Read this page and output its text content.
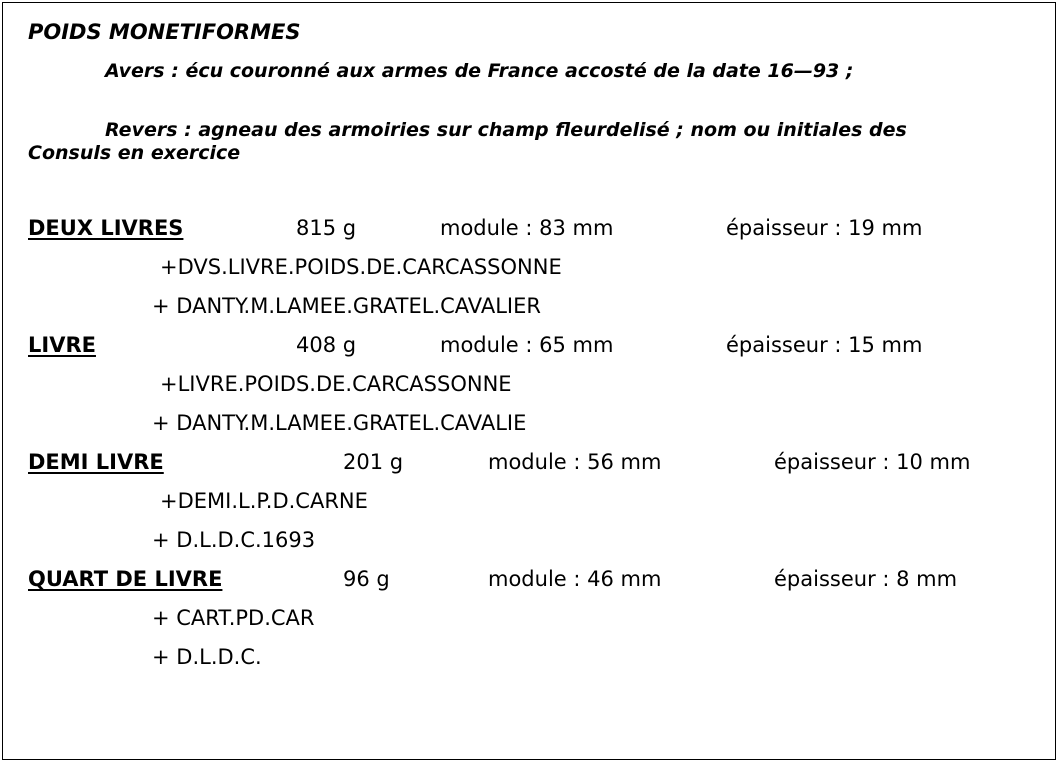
POIDS MONETIFORMES
Avers : écu couronné aux armes de France accosté de la date 16—93 ;
Revers : agneau des armoiries sur champ fleurdelisé ; nom ou initiales des
Consuls en exercice
DEUX LIVRES	815 g	module : 83 mm	épaisseur : 19 mm
+DVS.LIVRE.POIDS.DE.CARCASSONNE
+ DANTY.M.LAMEE.GRATEL.CAVALIER
LIVRE	408 g	module : 65 mm	épaisseur : 15 mm
+LIVRE.POIDS.DE.CARCASSONNE
+ DANTY.M.LAMEE.GRATEL.CAVALIE
DEMI LIVRE	201 g	module : 56 mm	épaisseur : 10 mm
+DEMI.L.P.D.CARNE
+ D.L.D.C.1693
QUART DE LIVRE	96 g	module : 46 mm	épaisseur : 8 mm
+ CART.PD.CAR
+ D.L.D.C.
